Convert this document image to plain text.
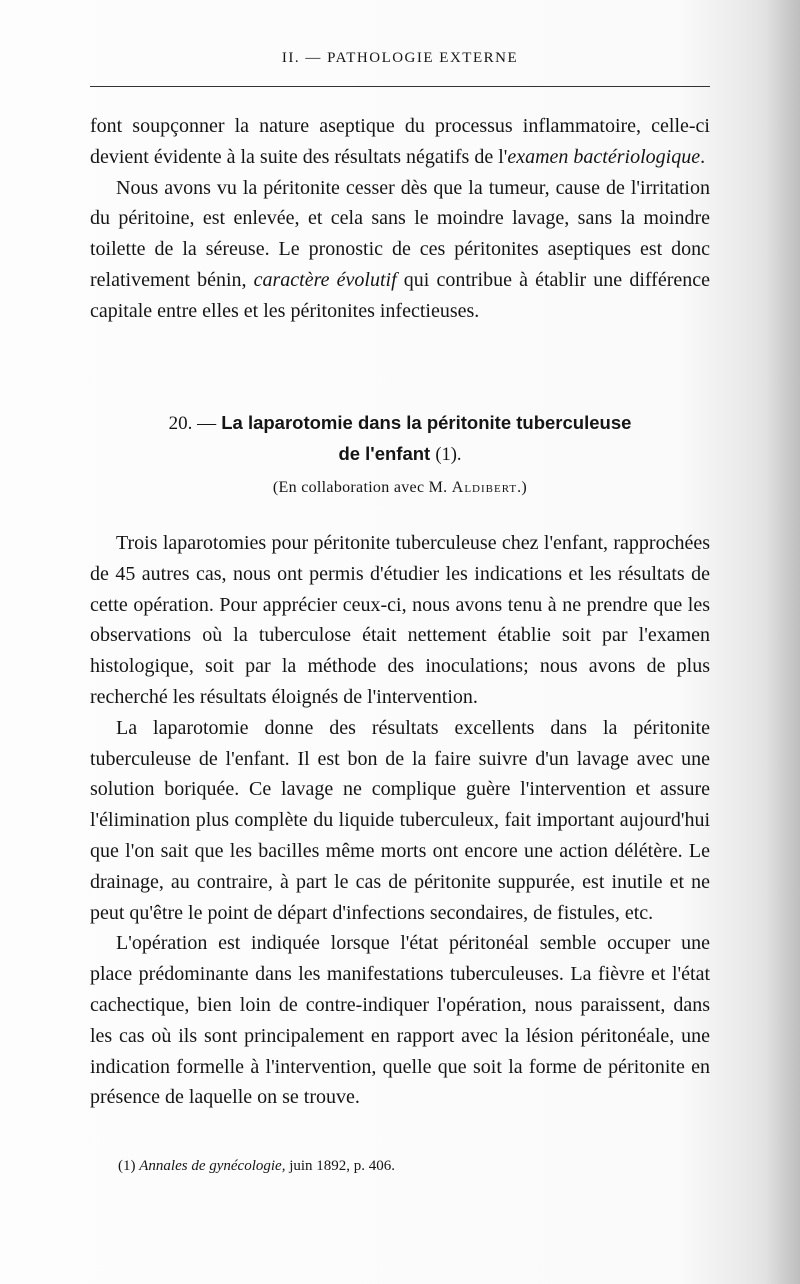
II. — PATHOLOGIE EXTERNE

font soupçonner la nature aseptique du processus inflammatoire, celle-ci devient évidente à la suite des résultats négatifs de l'examen bactériologique.

Nous avons vu la péritonite cesser dès que la tumeur, cause de l'irritation du péritoine, est enlevée, et cela sans le moindre lavage, sans la moindre toilette de la séreuse. Le pronostic de ces péritonites aseptiques est donc relativement bénin, caractère évolutif qui contribue à établir une différence capitale entre elles et les péritonites infectieuses.

20. — La laparotomie dans la péritonite tuberculeuse
de l'enfant (1).
(En collaboration avec M. Aldibert.)

Trois laparotomies pour péritonite tuberculeuse chez l'enfant, rapprochées de 45 autres cas, nous ont permis d'étudier les indications et les résultats de cette opération. Pour apprécier ceux-ci, nous avons tenu à ne prendre que les observations où la tuberculose était nettement établie soit par l'examen histologique, soit par la méthode des inoculations; nous avons de plus recherché les résultats éloignés de l'intervention.

La laparotomie donne des résultats excellents dans la péritonite tuberculeuse de l'enfant. Il est bon de la faire suivre d'un lavage avec une solution boriquée. Ce lavage ne complique guère l'intervention et assure l'élimination plus complète du liquide tuberculeux, fait important aujourd'hui que l'on sait que les bacilles même morts ont encore une action délétère. Le drainage, au contraire, à part le cas de péritonite suppurée, est inutile et ne peut qu'être le point de départ d'infections secondaires, de fistules, etc.

L'opération est indiquée lorsque l'état péritonéal semble occuper une place prédominante dans les manifestations tuberculeuses. La fièvre et l'état cachectique, bien loin de contre-indiquer l'opération, nous paraissent, dans les cas où ils sont principalement en rapport avec la lésion péritonéale, une indication formelle à l'intervention, quelle que soit la forme de péritonite en présence de laquelle on se trouve.

(1) Annales de gynécologie, juin 1892, p. 406.
